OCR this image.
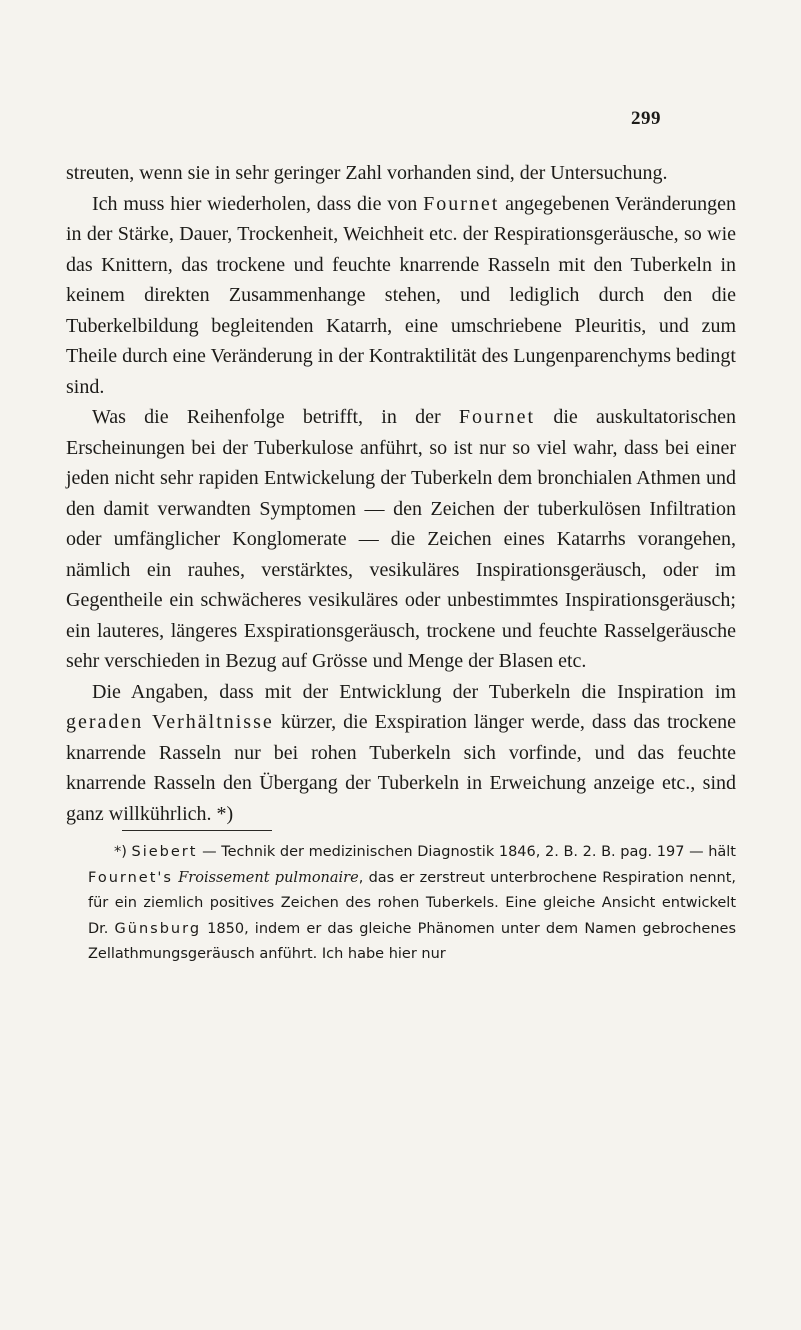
299

streuten, wenn sie in sehr geringer Zahl vorhanden sind, der Untersuchung.

Ich muss hier wiederholen, dass die von Fournet angegebenen Veränderungen in der Stärke, Dauer, Trockenheit, Weichheit etc. der Respirationsgeräusche, so wie das Knittern, das trockene und feuchte knarrende Rasseln mit den Tuberkeln in keinem direkten Zusammenhange stehen, und lediglich durch den die Tuberkelbildung begleitenden Katarrh, eine umschriebene Pleuritis, und zum Theile durch eine Veränderung in der Kontraktilität des Lungenparenchyms bedingt sind.

Was die Reihenfolge betrifft, in der Fournet die auskultatorischen Erscheinungen bei der Tuberkulose anführt, so ist nur so viel wahr, dass bei einer jeden nicht sehr rapiden Entwickelung der Tuberkeln dem bronchialen Athmen und den damit verwandten Symptomen — den Zeichen der tuberkulösen Infiltration oder umfänglicher Konglomerate — die Zeichen eines Katarrhs vorangehen, nämlich ein rauhes, verstärktes, vesikuläres Inspirationsgeräusch, oder im Gegentheile ein schwächeres vesikuläres oder unbestimmtes Inspirationsgeräusch; ein lauteres, längeres Exspirationsgeräusch, trockene und feuchte Rasselgeräusche sehr verschieden in Bezug auf Grösse und Menge der Blasen etc.

Die Angaben, dass mit der Entwicklung der Tuberkeln die Inspiration im geraden Verhältnisse kürzer, die Exspiration länger werde, dass das trockene knarrende Rasseln nur bei rohen Tuberkeln sich vorfinde, und das feuchte knarrende Rasseln den Übergang der Tuberkeln in Erweichung anzeige etc., sind ganz willkührlich. *)

*) Siebert — Technik der medizinischen Diagnostik 1846, 2. B. 2. B. pag. 197 — hält Fournet's Froissement pulmonaire, das er zerstreut unterbrochene Respiration nennt, für ein ziemlich positives Zeichen des rohen Tuberkels. Eine gleiche Ansicht entwickelt Dr. Günsburg 1850, indem er das gleiche Phänomen unter dem Namen gebrochenes Zellathmungsgeräusch anführt. Ich habe hier nur
